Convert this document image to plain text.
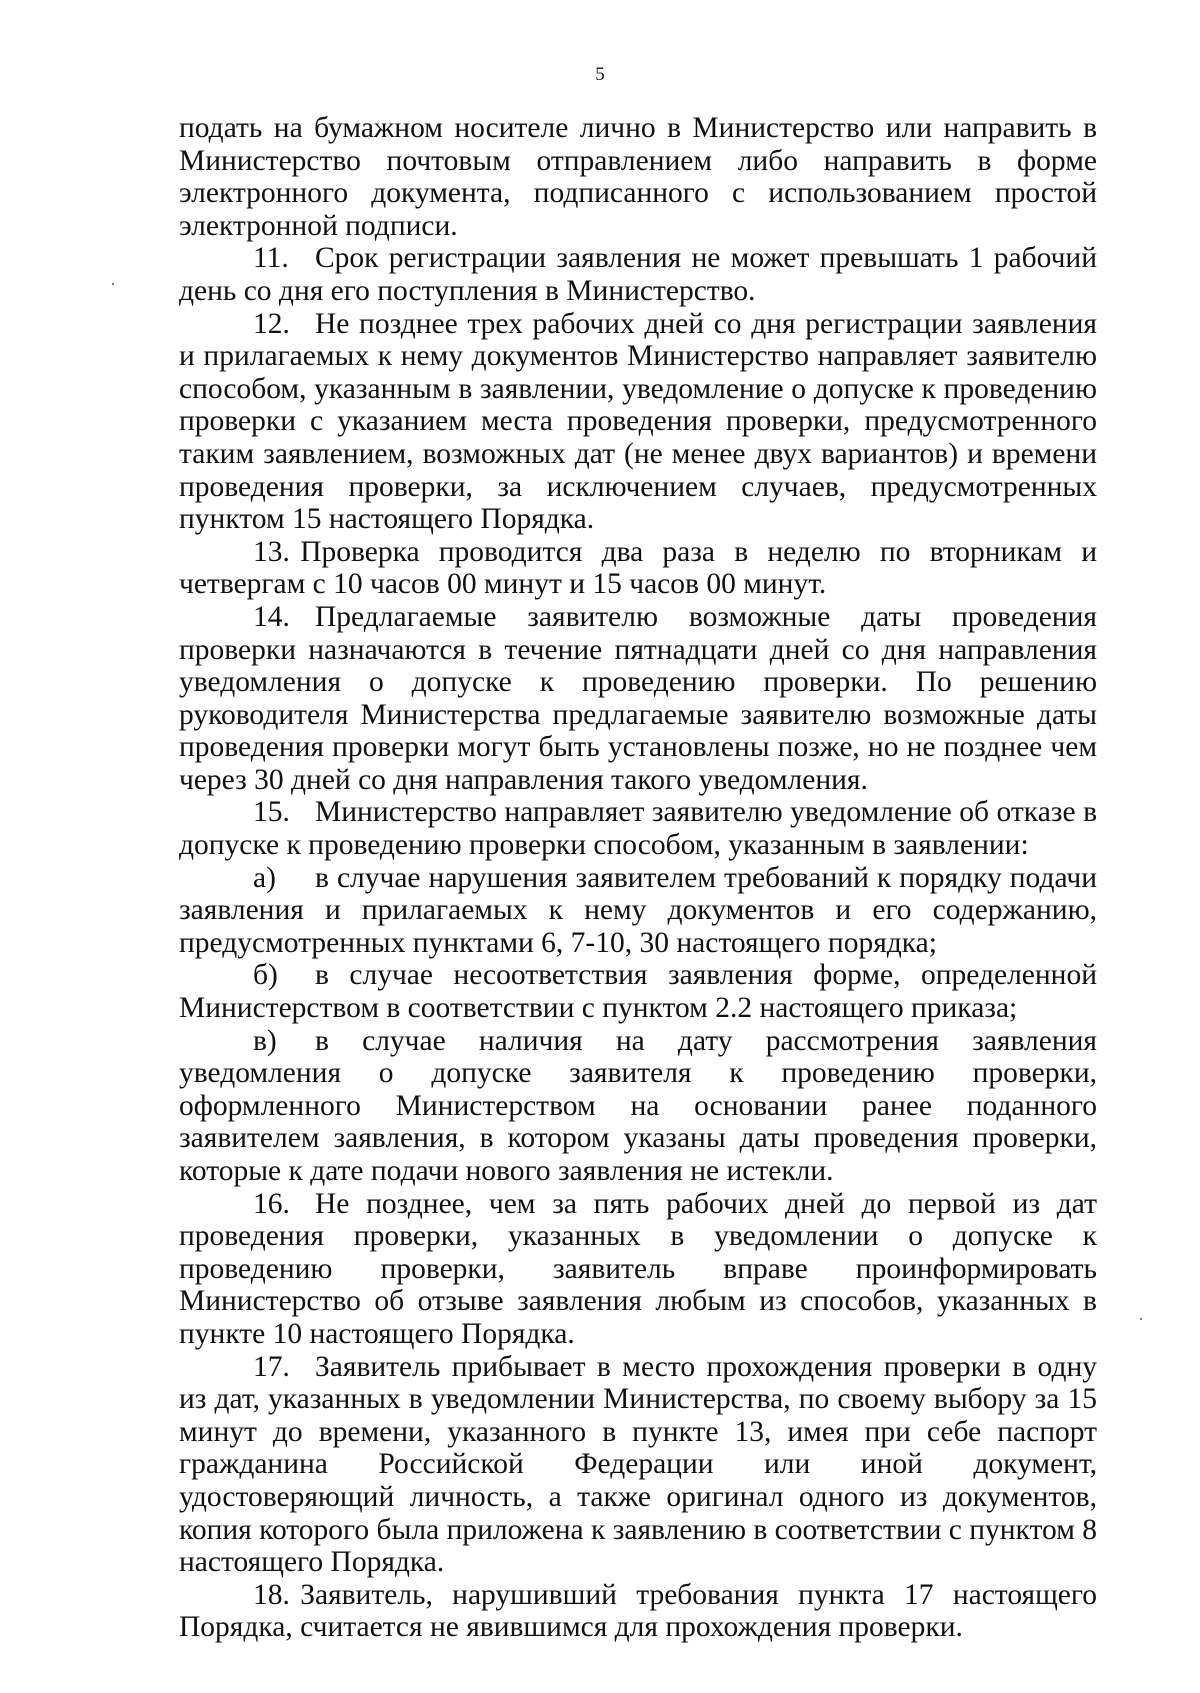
5

подать на бумажном носителе лично в Министерство или направить в Министерство почтовым отправлением либо направить в форме электронного документа, подписанного с использованием простой электронной подписи.

11. Срок регистрации заявления не может превышать 1 рабочий день со дня его поступления в Министерство.

12. Не позднее трех рабочих дней со дня регистрации заявления и прилагаемых к нему документов Министерство направляет заявителю способом, указанным в заявлении, уведомление о допуске к проведению проверки с указанием места проведения проверки, предусмотренного таким заявлением, возможных дат (не менее двух вариантов) и времени проведения проверки, за исключением случаев, предусмотренных пунктом 15 настоящего Порядка.

13. Проверка проводится два раза в неделю по вторникам и четвергам с 10 часов 00 минут и 15 часов 00 минут.

14. Предлагаемые заявителю возможные даты проведения проверки назначаются в течение пятнадцати дней со дня направления уведомления о допуске к проведению проверки. По решению руководителя Министерства предлагаемые заявителю возможные даты проведения проверки могут быть установлены позже, но не позднее чем через 30 дней со дня направления такого уведомления.

15. Министерство направляет заявителю уведомление об отказе в допуске к проведению проверки способом, указанным в заявлении:

а) в случае нарушения заявителем требований к порядку подачи заявления и прилагаемых к нему документов и его содержанию, предусмотренных пунктами 6, 7-10, 30 настоящего порядка;

б) в случае несоответствия заявления форме, определенной Министерством в соответствии с пунктом 2.2 настоящего приказа;

в) в случае наличия на дату рассмотрения заявления уведомления о допуске заявителя к проведению проверки, оформленного Министерством на основании ранее поданного заявителем заявления, в котором указаны даты проведения проверки, которые к дате подачи нового заявления не истекли.

16. Не позднее, чем за пять рабочих дней до первой из дат проведения проверки, указанных в уведомлении о допуске к проведению проверки, заявитель вправе проинформировать Министерство об отзыве заявления любым из способов, указанных в пункте 10 настоящего Порядка.

17. Заявитель прибывает в место прохождения проверки в одну из дат, указанных в уведомлении Министерства, по своему выбору за 15 минут до времени, указанного в пункте 13, имея при себе паспорт гражданина Российской Федерации или иной документ, удостоверяющий личность, а также оригинал одного из документов, копия которого была приложена к заявлению в соответствии с пунктом 8 настоящего Порядка.

18. Заявитель, нарушивший требования пункта 17 настоящего Порядка, считается не явившимся для прохождения проверки.
